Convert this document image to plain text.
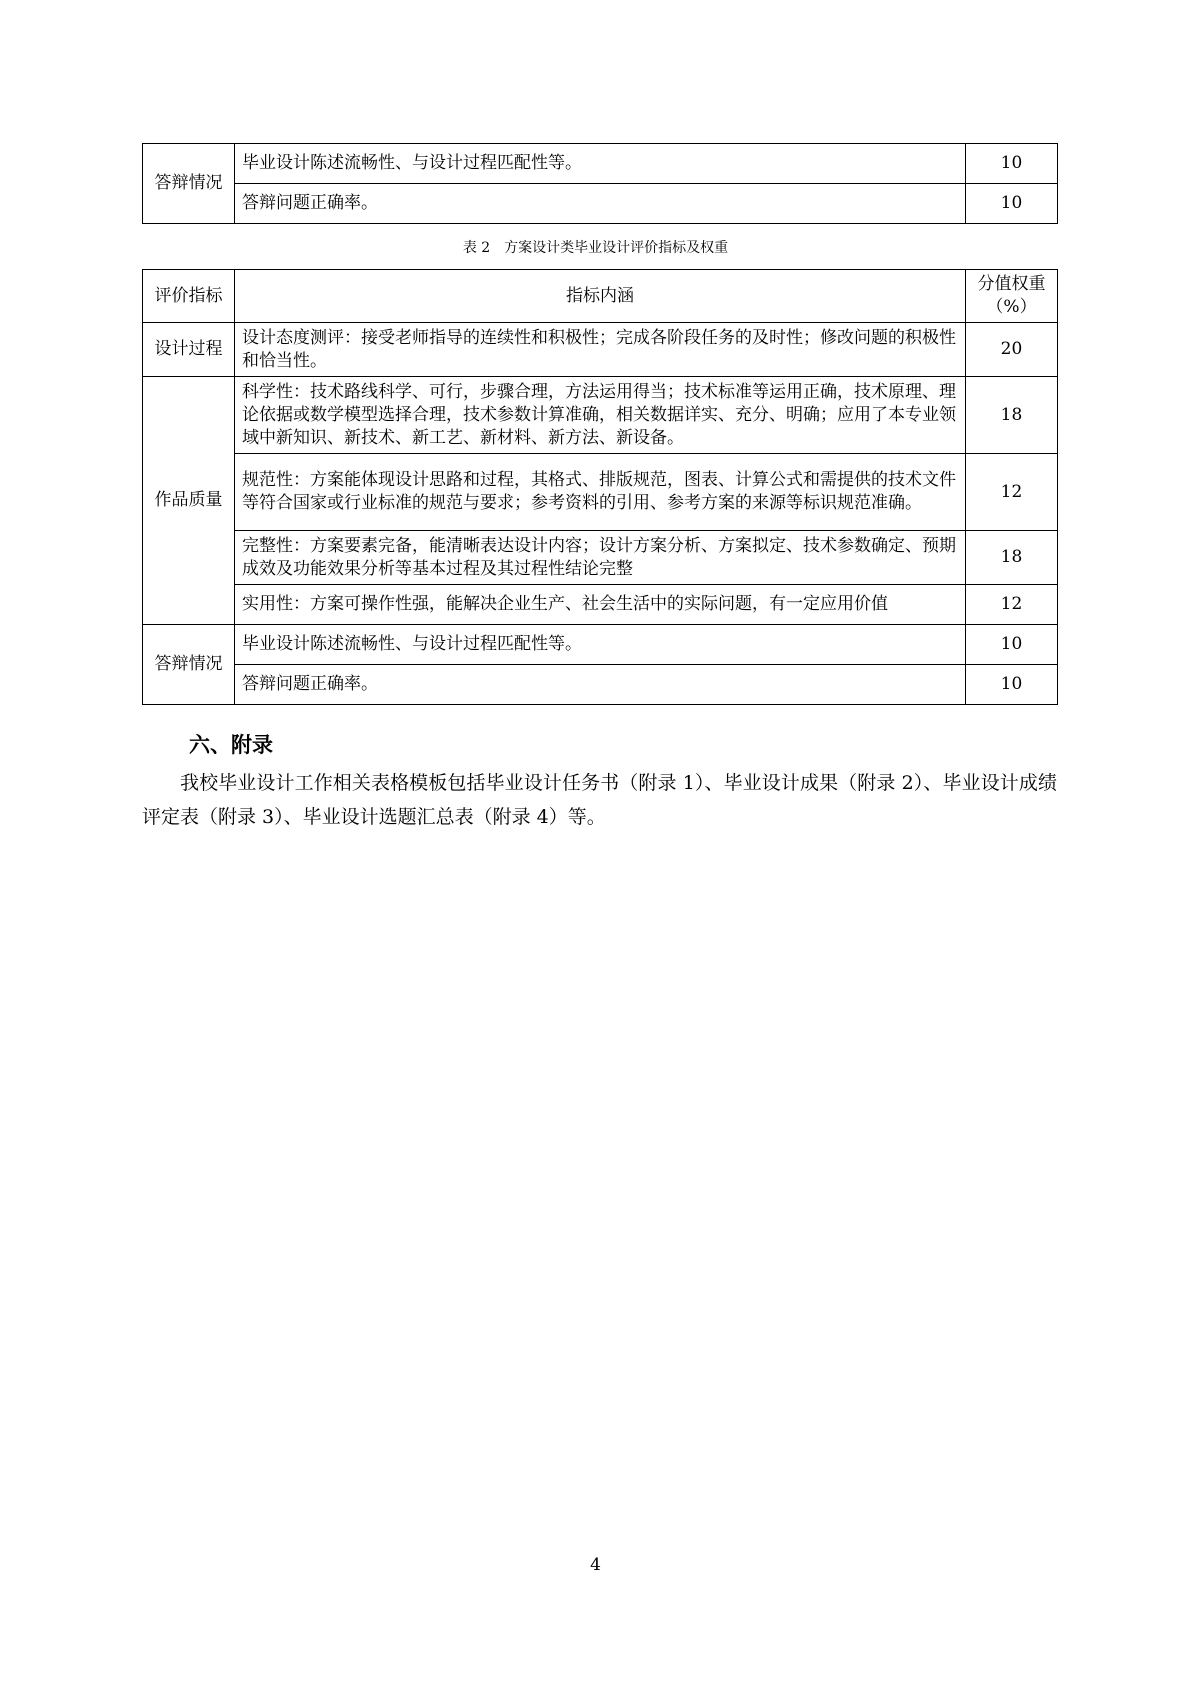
答辩情况	毕业设计陈述流畅性、与设计过程匹配性等。	10
	答辩问题正确率。	10
表 2　方案设计类毕业设计评价指标及权重
评价指标	指标内涵	分值权重（%）
设计过程	设计态度测评：接受老师指导的连续性和积极性；完成各阶段任务的及时性；修改问题的积极性和恰当性。	20
作品质量	科学性：技术路线科学、可行，步骤合理，方法运用得当；技术标准等运用正确，技术原理、理论依据或数学模型选择合理，技术参数计算准确，相关数据详实、充分、明确；应用了本专业领域中新知识、新技术、新工艺、新材料、新方法、新设备。	18
	规范性：方案能体现设计思路和过程，其格式、排版规范，图表、计算公式和需提供的技术文件等符合国家或行业标准的规范与要求；参考资料的引用、参考方案的来源等标识规范准确。	12
	完整性：方案要素完备，能清晰表达设计内容；设计方案分析、方案拟定、技术参数确定、预期成效及功能效果分析等基本过程及其过程性结论完整	18
	实用性：方案可操作性强，能解决企业生产、社会生活中的实际问题，有一定应用价值	12
答辩情况	毕业设计陈述流畅性、与设计过程匹配性等。	10
	答辩问题正确率。	10
六、附录
我校毕业设计工作相关表格模板包括毕业设计任务书（附录 1）、毕业设计成果（附录 2）、毕业设计成绩评定表（附录 3）、毕业设计选题汇总表（附录 4）等。
4
